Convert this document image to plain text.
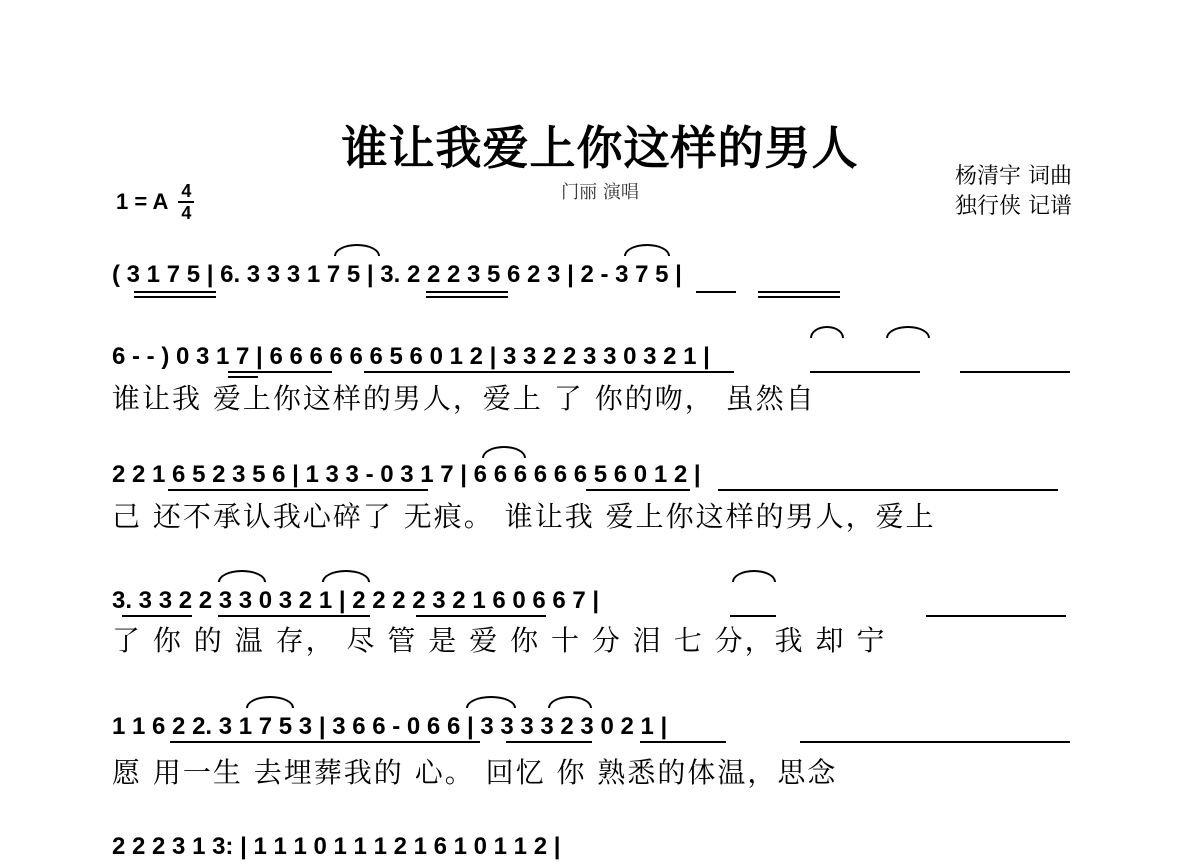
谁让我爱上你这样的男人
门丽 演唱
杨清宇 词曲
独行侠 记谱
1 = A 4
4
( 3 1 7 5 | 6. 3 3 3 1 7 5 | 3. 2 2 2 3 5 6 2 3 | 2 - 3 7 5 |
6 - - ) 0 3 1 7 | 6 6 6 6 6 6 5 6 0 1 2 | 3 3 2 2 3 3 0 3 2 1 |
谁让我 爱上你这样的男人，爱上 了 你的吻， 虽然自
2 2 1 6 5 2 3 5 6 | 1 3 3 - 0 3 1 7 | 6 6 6 6 6 6 5 6 0 1 2 |
己 还不承认我心碎了 无痕。 谁让我 爱上你这样的男人，爱上
3. 3 3 2 2 3 3 0 3 2 1 | 2 2 2 2 3 2 1 6 0 6 6 7 |
了 你 的 温 存， 尽 管 是 爱 你 十 分 泪 七 分，我 却 宁
1 1 6 2 2. 3 1 7 5 3 | 3 6 6 - 0 6 6 | 3 3 3 3 2 3 0 2 1 |
愿 用一生 去埋葬我的 心。 回忆 你 熟悉的体温，思念
2 2 2 3 1 3: | 1 1 1 0 1 1 1 2 1 6 1 0 1 1 2 |
